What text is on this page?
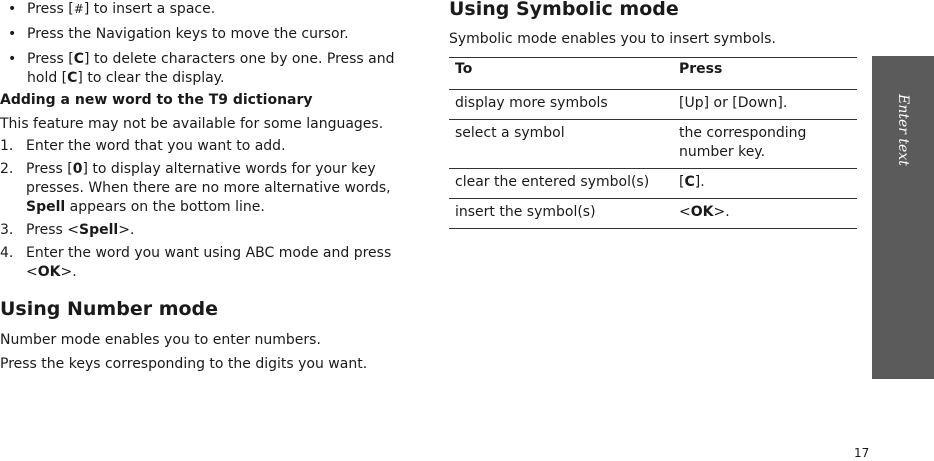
• Press [#] to insert a space.
• Press the Navigation keys to move the cursor.
• Press [C] to delete characters one by one. Press and hold [C] to clear the display.
Adding a new word to the T9 dictionary

This feature may not be available for some languages.

1. Enter the word that you want to add.
2. Press [0] to display alternative words for your key presses. When there are no more alternative words, Spell appears on the bottom line.
3. Press <Spell>.
4. Enter the word you want using ABC mode and press <OK>.
Using Number mode

Number mode enables you to enter numbers.

Press the keys corresponding to the digits you want.

Using Symbolic mode

Symbolic mode enables you to insert symbols.

To	Press
display more symbols	[Up] or [Down].
select a symbol	the corresponding number key.
clear the entered symbol(s)	[C].
insert the symbol(s)	<OK>.
Enter text
17
